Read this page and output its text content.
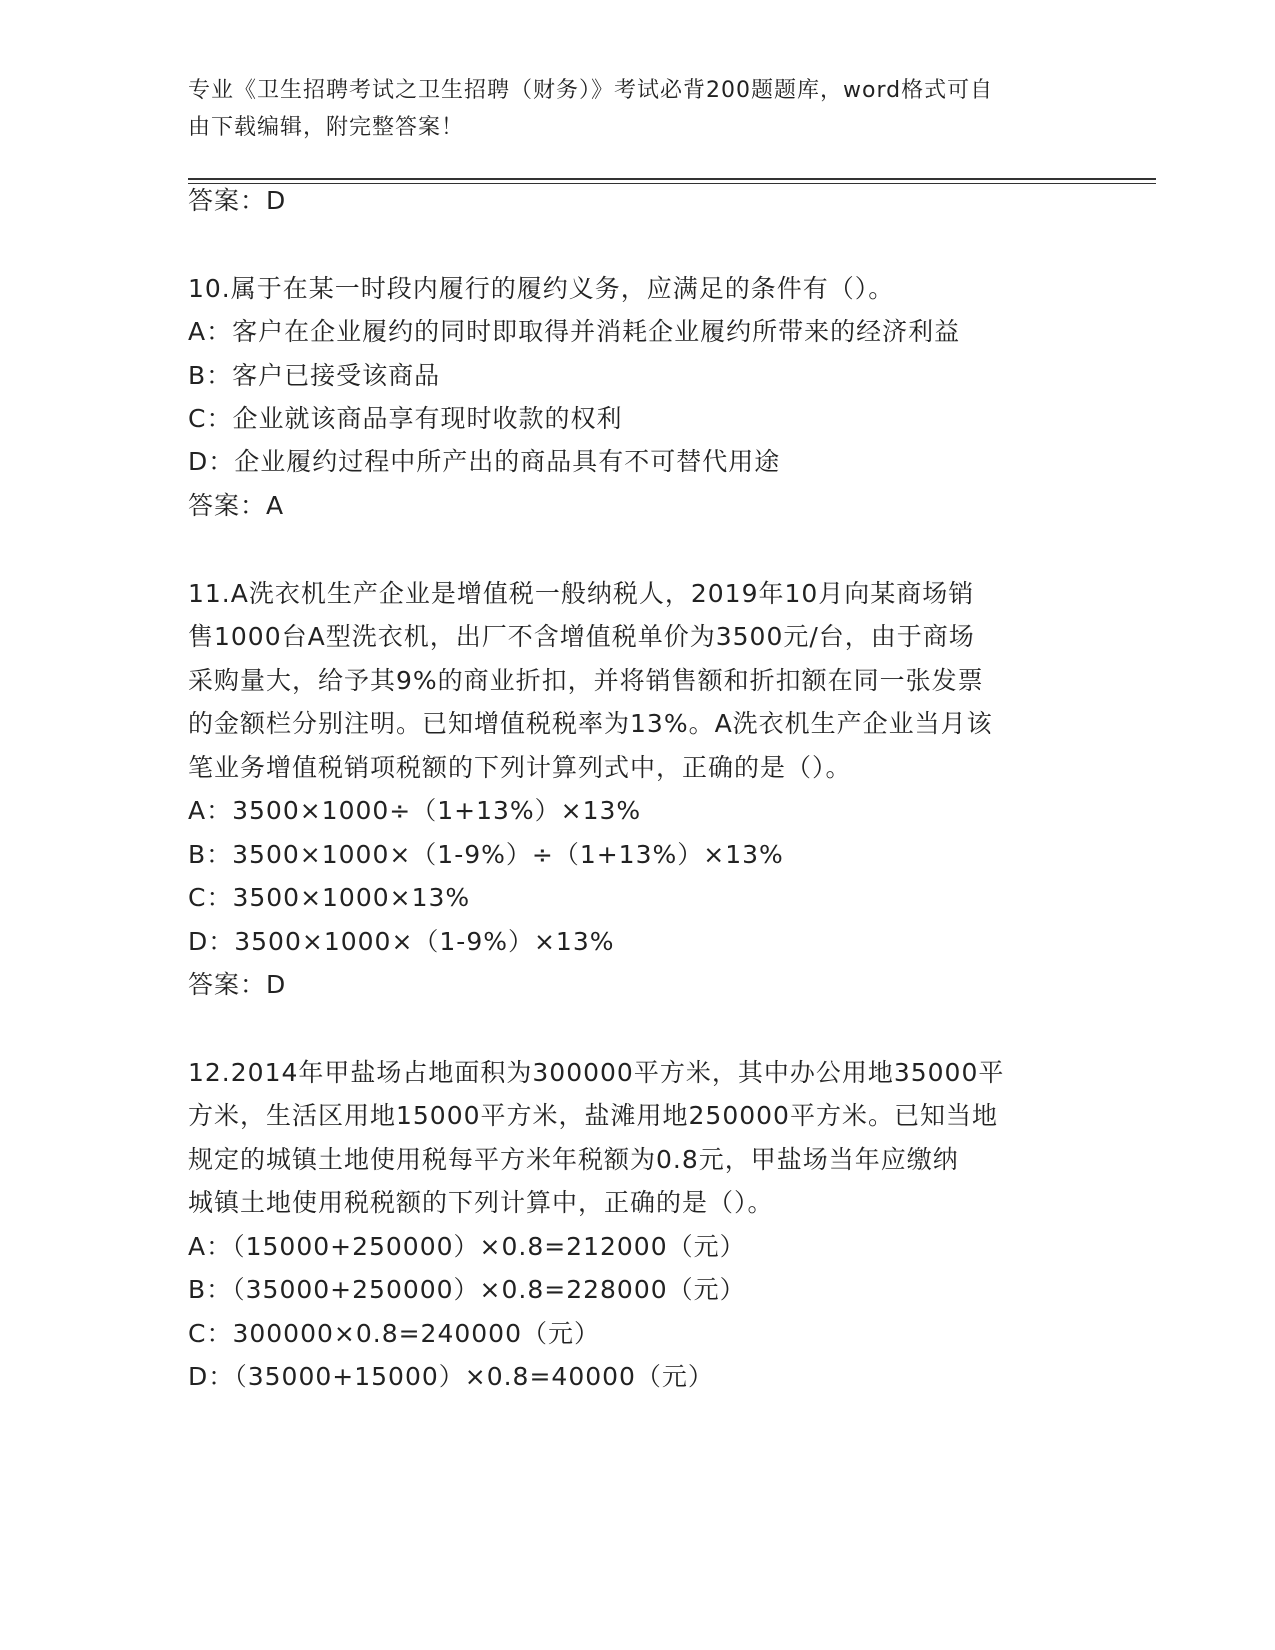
专业《卫生招聘考试之卫生招聘（财务）》考试必背200题题库，word格式可自
由下载编辑，附完整答案！
答案：D
10.属于在某一时段内履行的履约义务，应满足的条件有（）。
A：客户在企业履约的同时即取得并消耗企业履约所带来的经济利益
B：客户已接受该商品
C：企业就该商品享有现时收款的权利
D：企业履约过程中所产出的商品具有不可替代用途
答案：A
11.A洗衣机生产企业是增值税一般纳税人，2019年10月向某商场销
售1000台A型洗衣机，出厂不含增值税单价为3500元/台，由于商场
采购量大，给予其9%的商业折扣，并将销售额和折扣额在同一张发票
的金额栏分别注明。已知增值税税率为13%。A洗衣机生产企业当月该
笔业务增值税销项税额的下列计算列式中，正确的是（）。
A：3500×1000÷（1+13%）×13%
B：3500×1000×（1-9%）÷（1+13%）×13%
C：3500×1000×13%
D：3500×1000×（1-9%）×13%
答案：D
12.2014年甲盐场占地面积为300000平方米，其中办公用地35000平
方米，生活区用地15000平方米，盐滩用地250000平方米。已知当地
规定的城镇土地使用税每平方米年税额为0.8元，甲盐场当年应缴纳
城镇土地使用税税额的下列计算中，正确的是（）。
A：（15000+250000）×0.8=212000（元）
B：（35000+250000）×0.8=228000（元）
C：300000×0.8=240000（元）
D：（35000+15000）×0.8=40000（元）
